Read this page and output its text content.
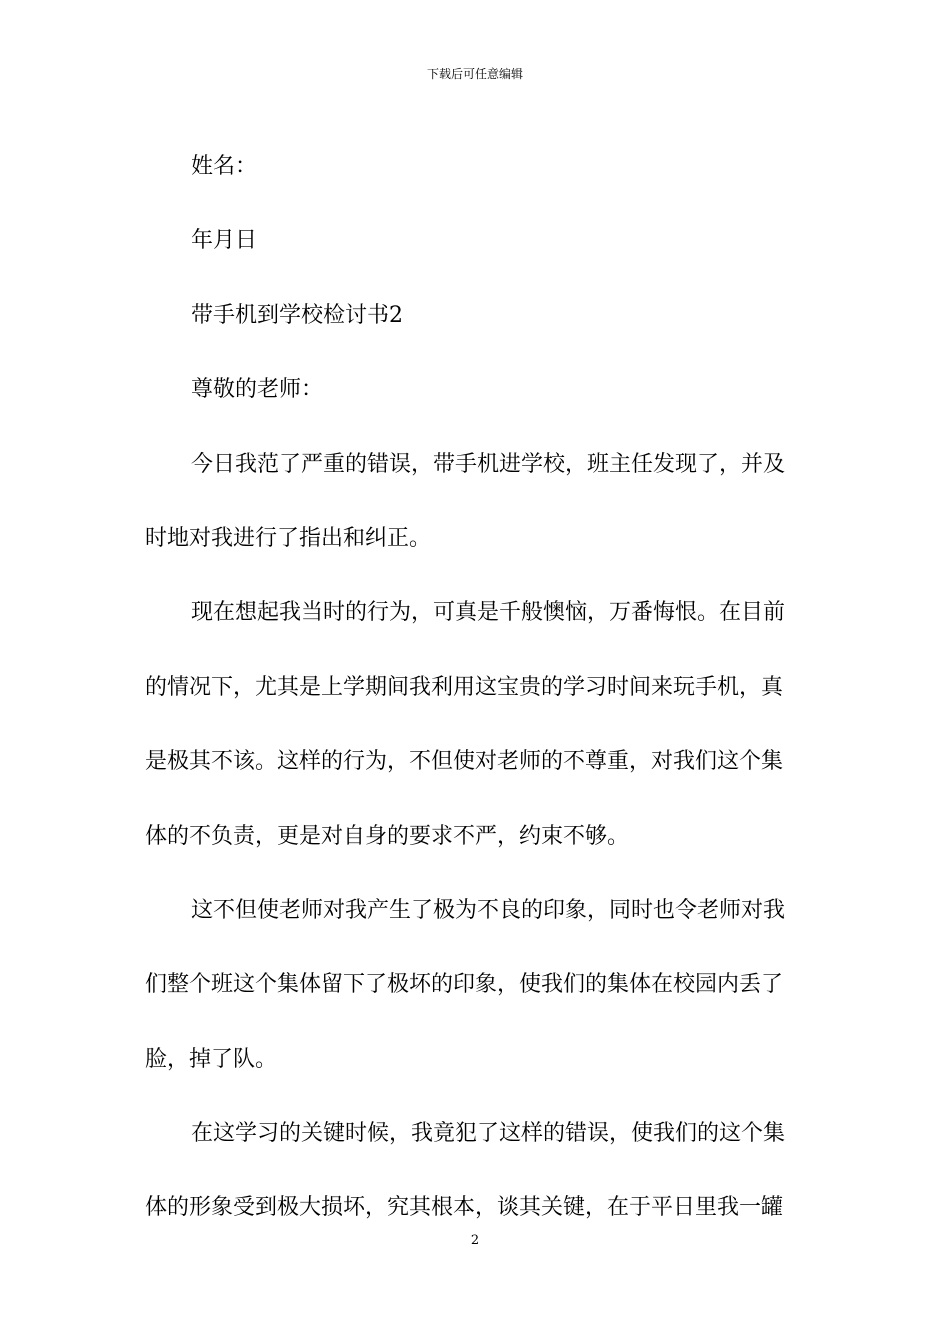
下载后可任意编辑
姓名：
年月日
带手机到学校检讨书2
尊敬的老师：
今日我范了严重的错误，带手机进学校，班主任发现了，并及
时地对我进行了指出和纠正。
现在想起我当时的行为，可真是千般懊恼，万番悔恨。在目前
的情况下，尤其是上学期间我利用这宝贵的学习时间来玩手机，真
是极其不该。这样的行为，不但使对老师的不尊重，对我们这个集
体的不负责，更是对自身的要求不严，约束不够。
这不但使老师对我产生了极为不良的印象，同时也令老师对我
们整个班这个集体留下了极坏的印象，使我们的集体在校园内丢了
脸，掉了队。
在这学习的关键时候，我竟犯了这样的错误，使我们的这个集
体的形象受到极大损坏，究其根本，谈其关键，在于平日里我一罐
2
